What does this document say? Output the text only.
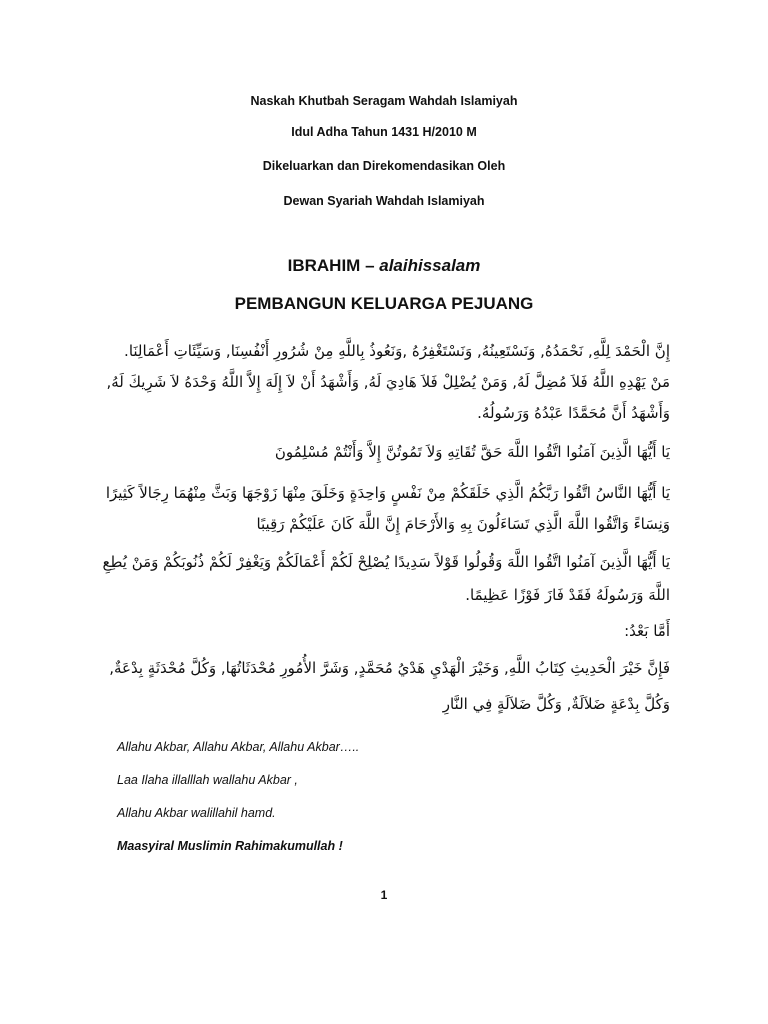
Naskah Khutbah Seragam Wahdah Islamiyah
Idul Adha Tahun 1431 H/2010 M
Dikeluarkan dan Direkomendasikan Oleh
Dewan Syariah Wahdah Islamiyah
IBRAHIM – alaihissalam
PEMBANGUN KELUARGA PEJUANG
إِنَّ الْحَمْدَ لِلَّهِ, نَحْمَدُهُ, وَنَسْتَعِينُهُ, وَنَسْتَغْفِرُهُ ,وَنَعُوذُ بِاللَّهِ مِنْ شُرُورِ أَنْفُسِنَا, وَسَيِّئَاتِ أَعْمَالِنَا.
مَنْ يَهْدِهِ اللَّهُ فَلاَ مُضِلَّ لَهُ, وَمَنْ يُضْلِلْ فَلاَ هَادِيَ لَهُ, وَأَشْهَدُ أَنْ لاَ إِلَهَ إِلاَّ اللَّهُ وَحْدَهُ لاَ شَرِيكَ لَهُ,
وَأَشْهَدُ أَنَّ مُحَمَّدًا عَبْدُهُ وَرَسُولُهُ.
يَا أَيُّهَا الَّذِينَ آمَنُوا اتَّقُوا اللَّهَ حَقَّ تُقَاتِهِ وَلاَ تَمُوتُنَّ إِلاَّ وَأَنْتُمْ مُسْلِمُونَ
يَا أَيُّهَا النَّاسُ اتَّقُوا رَبَّكُمُ الَّذِي خَلَقَكُمْ مِنْ نَفْسٍ وَاحِدَةٍ وَخَلَقَ مِنْهَا زَوْجَهَا وَبَثَّ مِنْهُمَا رِجَالاً كَثِيرًا
وَنِسَاءً وَاتَّقُوا اللَّهَ الَّذِي تَسَاءَلُونَ بِهِ وَالأَرْحَامَ إِنَّ اللَّهَ كَانَ عَلَيْكُمْ رَقِيبًا
يَا أَيُّهَا الَّذِينَ آمَنُوا اتَّقُوا اللَّهَ وَقُولُوا قَوْلاً سَدِيدًا يُصْلِحْ لَكُمْ أَعْمَالَكُمْ وَيَغْفِرْ لَكُمْ ذُنُوبَكُمْ وَمَنْ يُطِعِ
اللَّهَ وَرَسُولَهُ فَقَدْ فَازَ فَوْزًا عَظِيمًا.
أَمَّا بَعْدُ:
فَإِنَّ خَيْرَ الْحَدِيثِ كِتَابُ اللَّهِ, وَخَيْرَ الْهَدْيِ هَدْيُ مُحَمَّدٍ, وَشَرَّ الأُمُورِ مُحْدَثَاتُهَا, وَكُلَّ مُحْدَثَةٍ بِدْعَةٌ,
وَكُلَّ بِدْعَةٍ ضَلاَلَةٌ, وَكُلَّ ضَلاَلَةٍ فِي النَّارِ
Allahu Akbar, Allahu Akbar, Allahu Akbar…..
Laa Ilaha illalllah wallahu Akbar ,
Allahu Akbar walillahil hamd.
Maasyiral Muslimin Rahimakumullah !
1
